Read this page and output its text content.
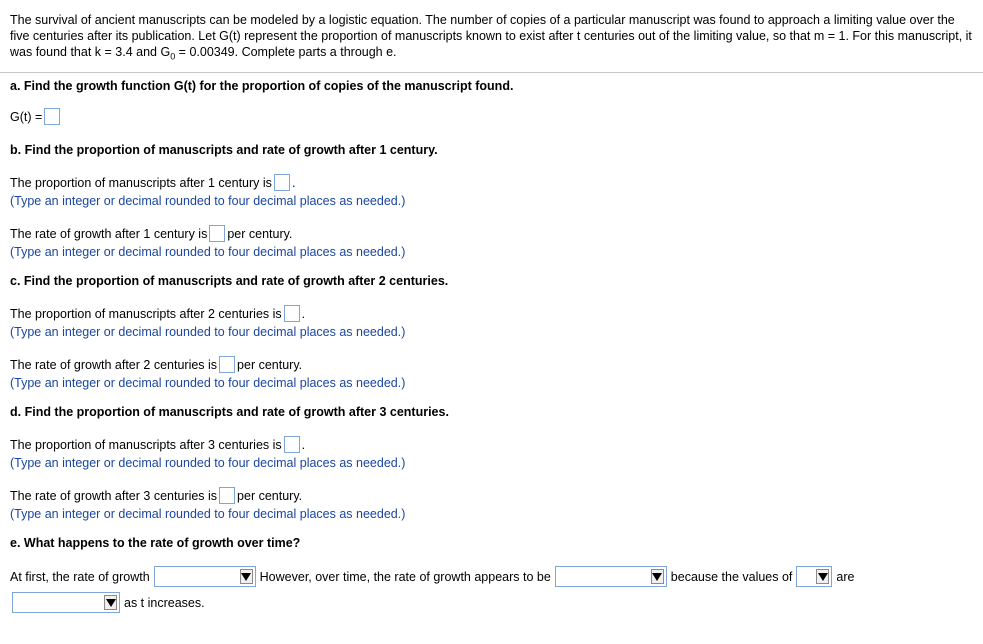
The survival of ancient manuscripts can be modeled by a logistic equation. The number of copies of a particular manuscript was found to approach a limiting value over the five centuries after its publication. Let G(t) represent the proportion of manuscripts known to exist after t centuries out of the limiting value, so that m = 1. For this manuscript, it was found that k = 3.4 and $G_0 = 0.00349$. Complete parts a through e.
a. Find the growth function G(t) for the proportion of copies of the manuscript found.
G(t) =
b. Find the proportion of manuscripts and rate of growth after 1 century.
The proportion of manuscripts after 1 century is .
(Type an integer or decimal rounded to four decimal places as needed.)
The rate of growth after 1 century is per century.
(Type an integer or decimal rounded to four decimal places as needed.)
c. Find the proportion of manuscripts and rate of growth after 2 centuries.
The proportion of manuscripts after 2 centuries is .
(Type an integer or decimal rounded to four decimal places as needed.)
The rate of growth after 2 centuries is per century.
(Type an integer or decimal rounded to four decimal places as needed.)
d. Find the proportion of manuscripts and rate of growth after 3 centuries.
The proportion of manuscripts after 3 centuries is .
(Type an integer or decimal rounded to four decimal places as needed.)
The rate of growth after 3 centuries is per century.
(Type an integer or decimal rounded to four decimal places as needed.)
e. What happens to the rate of growth over time?
At first, the rate of growth	However, over time, the rate of growth appears to be	because the values of	are
as t increases.
